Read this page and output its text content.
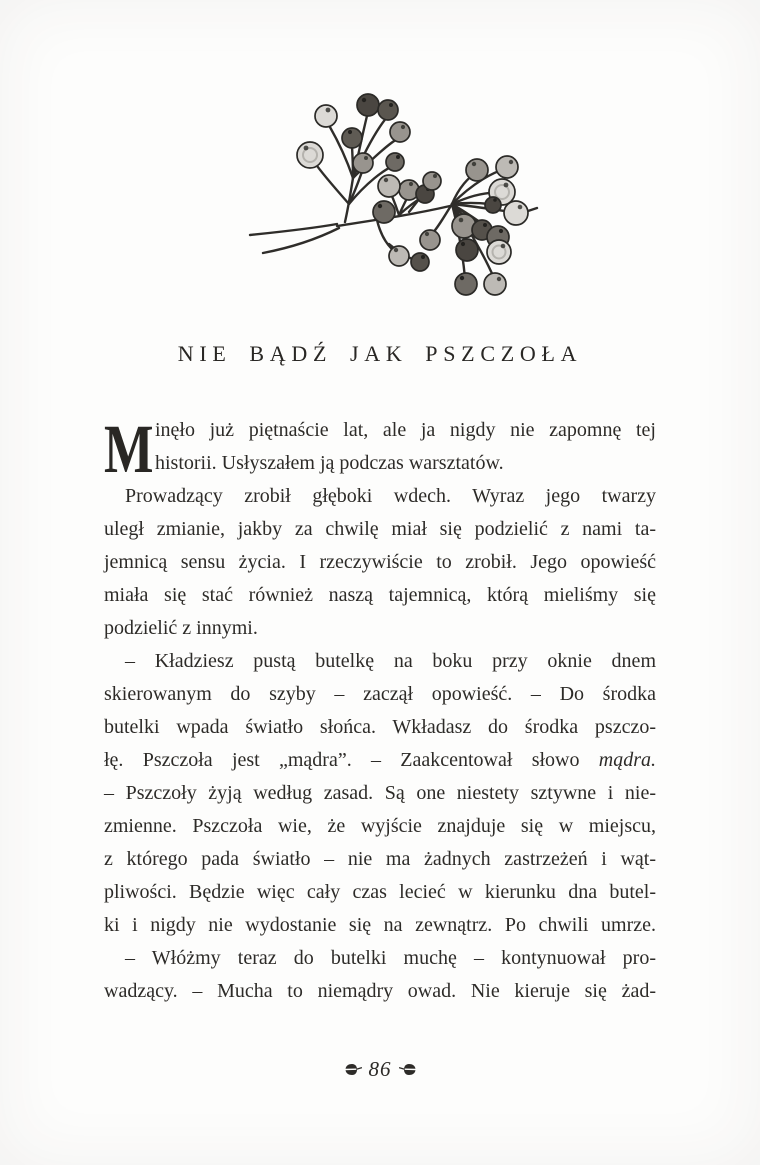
NIE BĄDŹ JAK PSZCZOŁA
M inęło już piętnaście lat, ale ja nigdy nie zapomnę tej
historii. Usłyszałem ją podczas warsztatów.
Prowadzący zrobił głęboki wdech. Wyraz jego twarzy
uległ zmianie, jakby za chwilę miał się podzielić z nami ta-
jemnicą sensu życia. I rzeczywiście to zrobił. Jego opowieść
miała się stać również naszą tajemnicą, którą mieliśmy się
podzielić z innymi.
– Kładziesz pustą butelkę na boku przy oknie dnem
skierowanym do szyby – zaczął opowieść. – Do środka
butelki wpada światło słońca. Wkładasz do środka pszczo-
łę. Pszczoła jest „mądra”. – Zaakcentował słowo mądra.
– Pszczoły żyją według zasad. Są one niestety sztywne i nie-
zmienne. Pszczoła wie, że wyjście znajduje się w miejscu,
z którego pada światło – nie ma żadnych zastrzeżeń i wąt-
pliwości. Będzie więc cały czas lecieć w kierunku dna butel-
ki i nigdy nie wydostanie się na zewnątrz. Po chwili umrze.
– Włóżmy teraz do butelki muchę – kontynuował pro-
wadzący. – Mucha to niemądry owad. Nie kieruje się żad-
86
